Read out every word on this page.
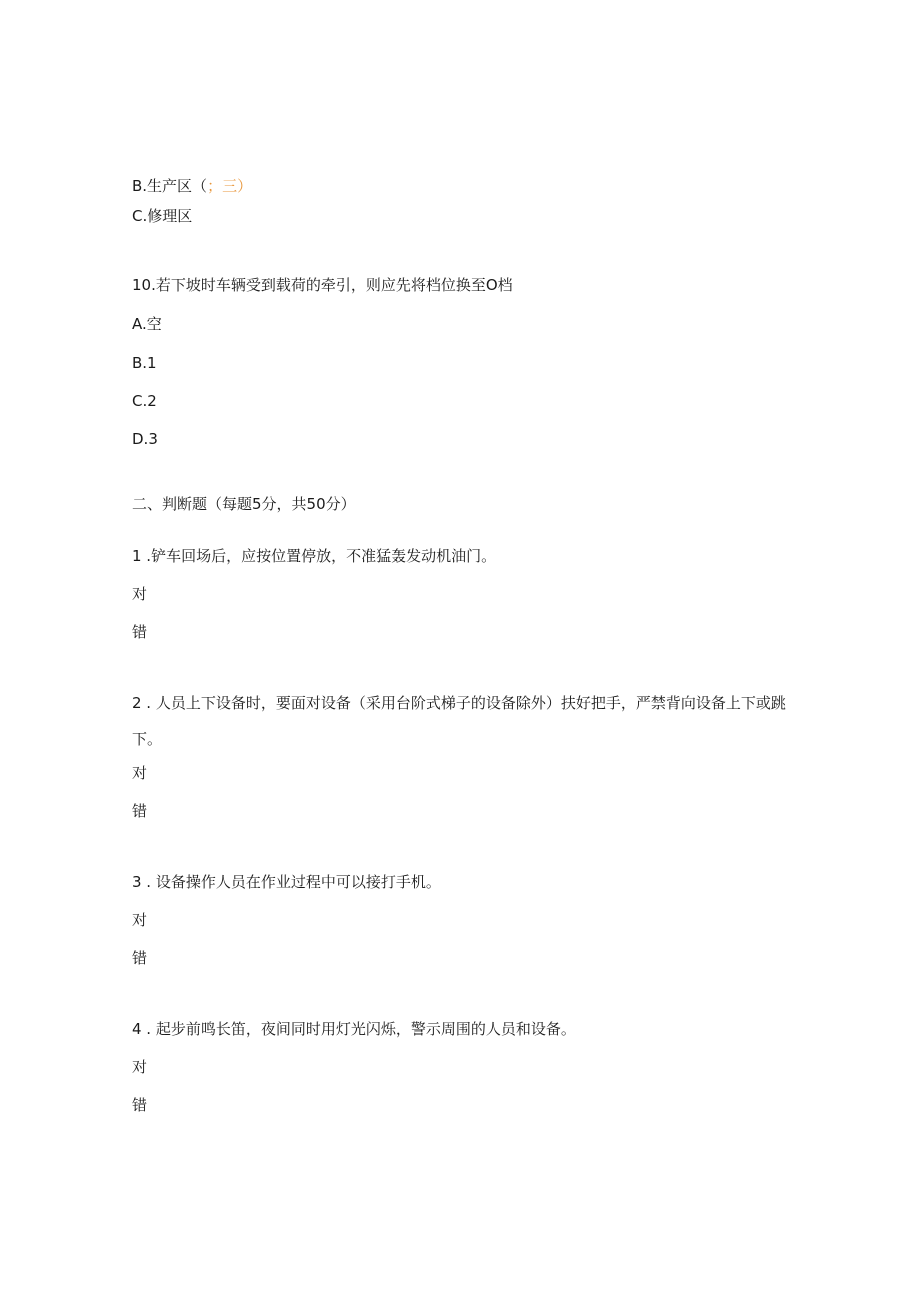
B.生产区（；三）
C.修理区
10.若下坡时车辆受到载荷的牵引，则应先将档位换至O档
A.空
B.1
C.2
D.3
二、判断题（每题5分，共50分）
1 .铲车回场后，应按位置停放，不准猛轰发动机油门。
对
错
2 . 人员上下设备时，要面对设备（采用台阶式梯子的设备除外）扶好把手，严禁背向设备上下或跳下。
对
错
3 . 设备操作人员在作业过程中可以接打手机。
对
错
4 . 起步前鸣长笛，夜间同时用灯光闪烁，警示周围的人员和设备。
对
错
